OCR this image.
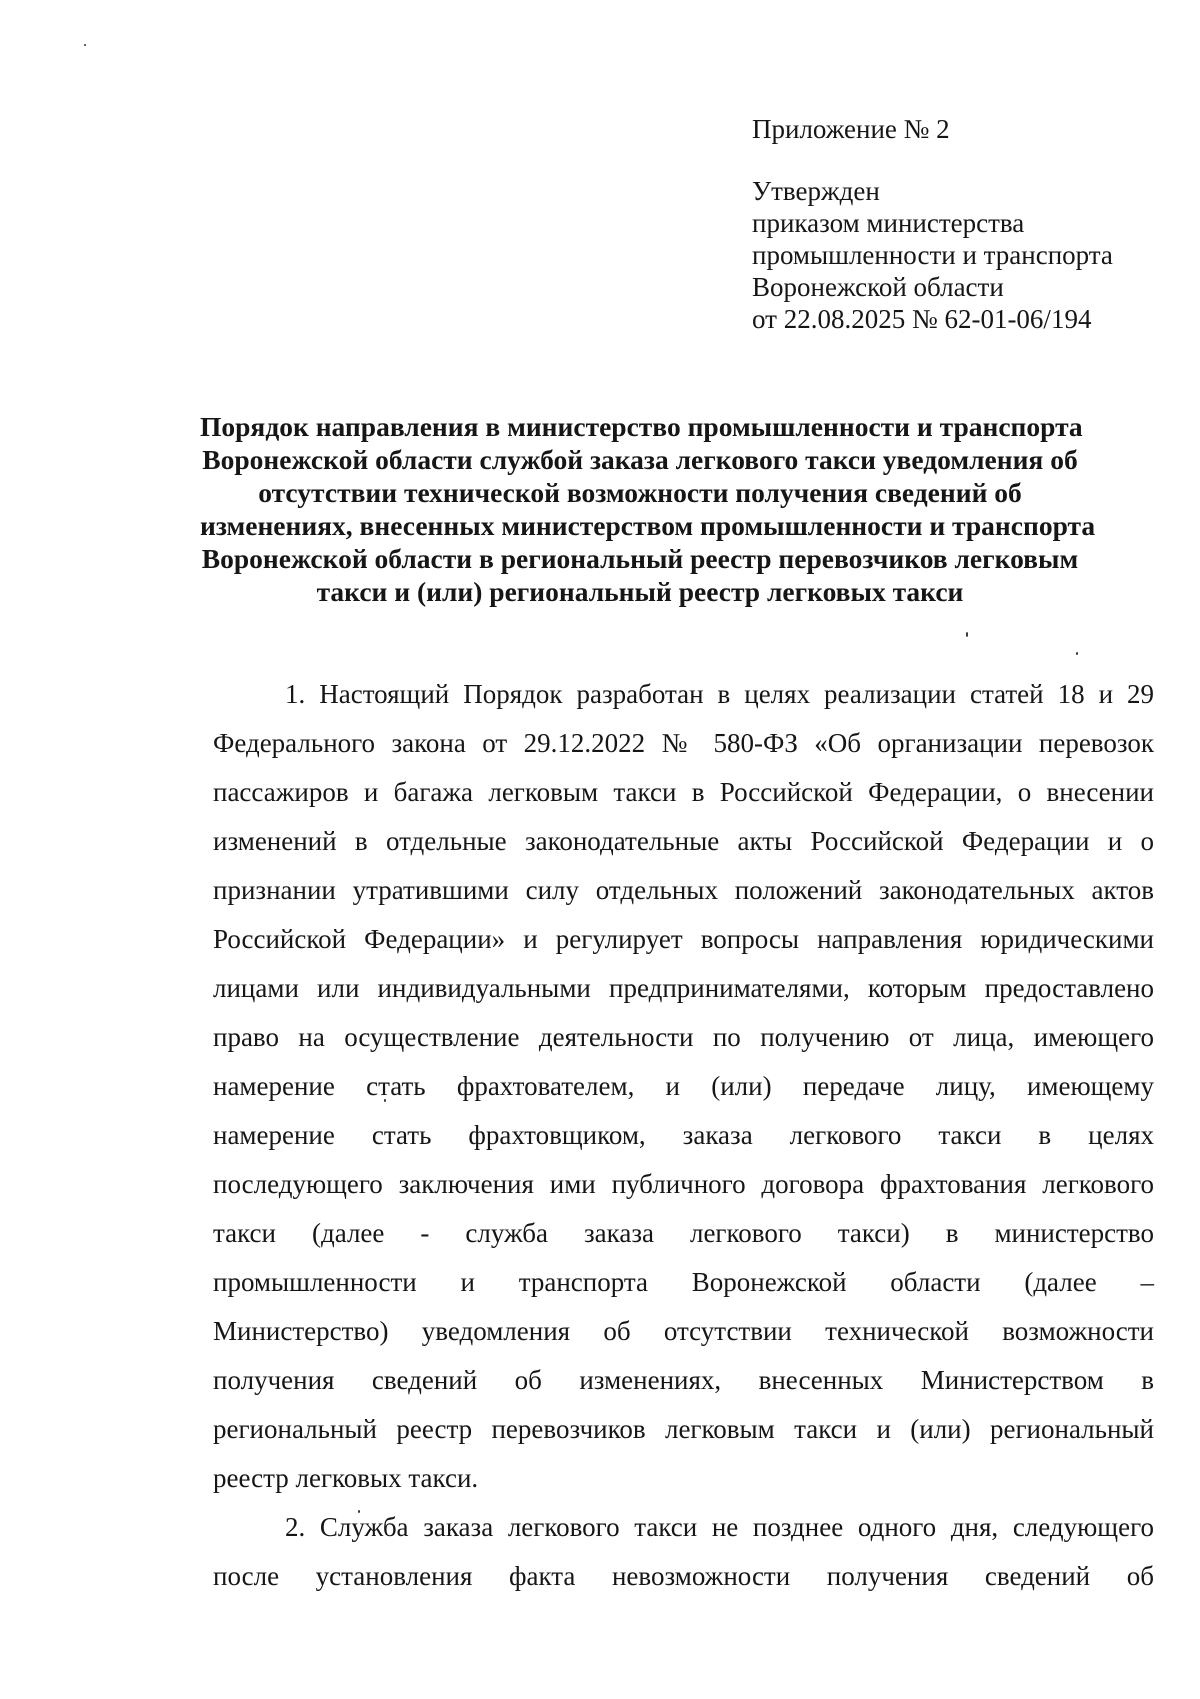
Приложение № 2

Утвержден

приказом министерства

промышленности и транспорта

Воронежской области

от 22.08.2025 № 62-01-06/194

Порядок направления в министерство промышленности и транспорта
Воронежской области службой заказа легкового такси уведомления об
отсутствии технической возможности получения сведений об
изменениях, внесенных министерством промышленности и транспорта
Воронежской области в региональный реестр перевозчиков легковым
такси и (или) региональный реестр легковых такси

1. Настоящий Порядок разработан в целях реализации статей 18 и 29
Федерального закона от 29.12.2022 № 580-ФЗ «Об организации перевозок
пассажиров и багажа легковым такси в Российской Федерации, о внесении
изменений в отдельные законодательные акты Российской Федерации и о
признании утратившими силу отдельных положений законодательных актов
Российской Федерации» и регулирует вопросы направления юридическими
лицами или индивидуальными предпринимателями, которым предоставлено
право на осуществление деятельности по получению от лица, имеющего
намерение стать фрахтователем, и (или) передаче лицу, имеющему
намерение стать фрахтовщиком, заказа легкового такси в целях
последующего заключения ими публичного договора фрахтования легкового
такси (далее - служба заказа легкового такси) в министерство
промышленности и транспорта Воронежской области (далее –
Министерство) уведомления об отсутствии технической возможности
получения сведений об изменениях, внесенных Министерством в
региональный реестр перевозчиков легковым такси и (или) региональный
реестр легковых такси.

2. Служба заказа легкового такси не позднее одного дня, следующего
после установления факта невозможности получения сведений об
